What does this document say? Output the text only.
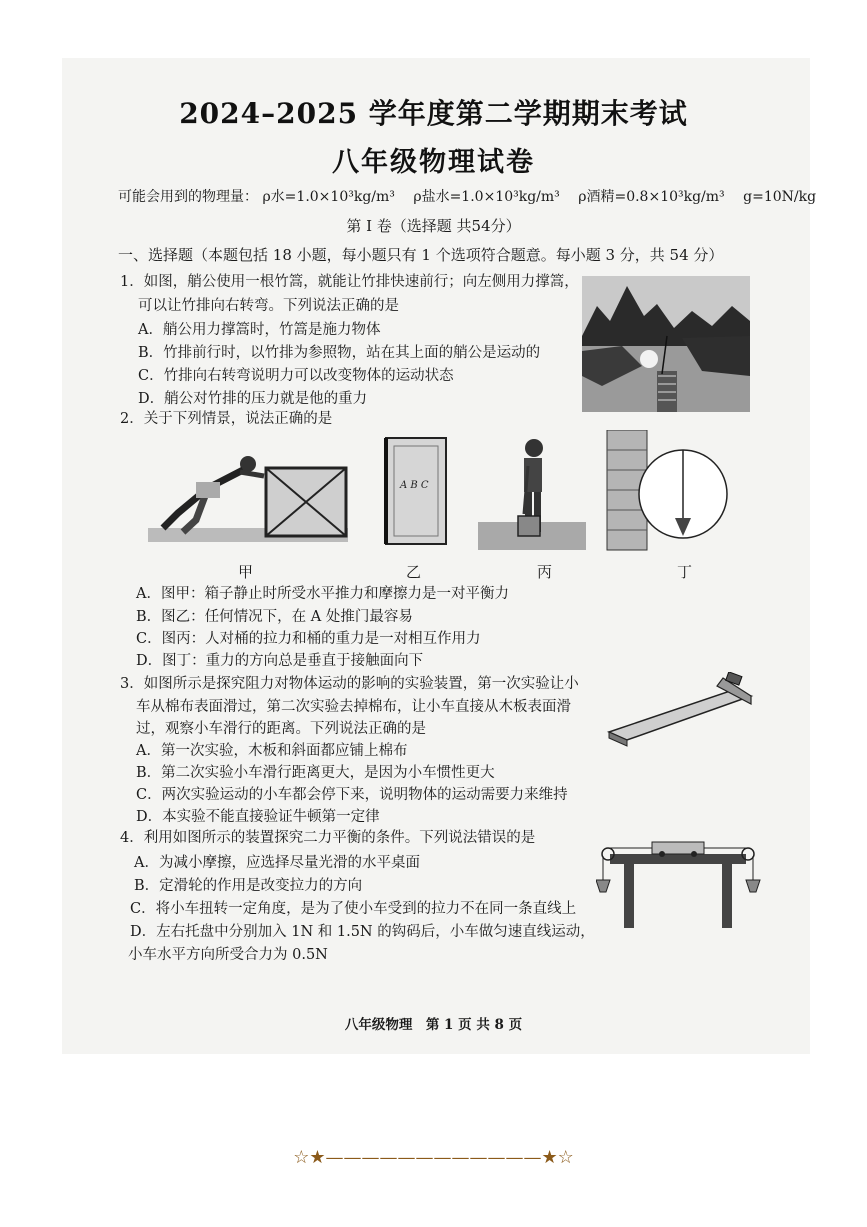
2024–2025 学年度第二学期期末考试
八年级物理试卷
可能会用到的物理量： ρ水=1.0×10³kg/m³ ρ盐水=1.0×10³kg/m³ ρ酒精=0.8×10³kg/m³ g=10N/kg
第 Ⅰ 卷（选择题 共54分）
一、选择题（本题包括 18 小题，每小题只有 1 个选项符合题意。每小题 3 分，共 54 分）
1．如图，艄公使用一根竹篙，就能让竹排快速前行；向左侧用力撑篙，
可以让竹排向右转弯。下列说法正确的是
A．艄公用力撑篙时，竹篙是施力物体
B．竹排前行时，以竹排为参照物，站在其上面的艄公是运动的
C．竹排向右转弯说明力可以改变物体的运动状态
D．艄公对竹排的压力就是他的重力
2．关于下列情景，说法正确的是
A B C
甲	乙	丙	丁
A．图甲：箱子静止时所受水平推力和摩擦力是一对平衡力
B．图乙：任何情况下，在 A 处推门最容易
C．图丙：人对桶的拉力和桶的重力是一对相互作用力
D．图丁：重力的方向总是垂直于接触面向下
3．如图所示是探究阻力对物体运动的影响的实验装置，第一次实验让小
车从棉布表面滑过，第二次实验去掉棉布，让小车直接从木板表面滑
过，观察小车滑行的距离。下列说法正确的是
A．第一次实验，木板和斜面都应铺上棉布
B．第二次实验小车滑行距离更大，是因为小车惯性更大
C．两次实验运动的小车都会停下来，说明物体的运动需要力来维持
D．本实验不能直接验证牛顿第一定律
4．利用如图所示的装置探究二力平衡的条件。下列说法错误的是
A．为减小摩擦，应选择尽量光滑的水平桌面
B．定滑轮的作用是改变拉力的方向
C．将小车扭转一定角度，是为了使小车受到的拉力不在同一条直线上
D．左右托盘中分别加入 1N 和 1.5N 的钩码后，小车做匀速直线运动，
小车水平方向所受合力为 0.5N
八年级物理　第 1 页 共 8 页
☆★————————————★☆
